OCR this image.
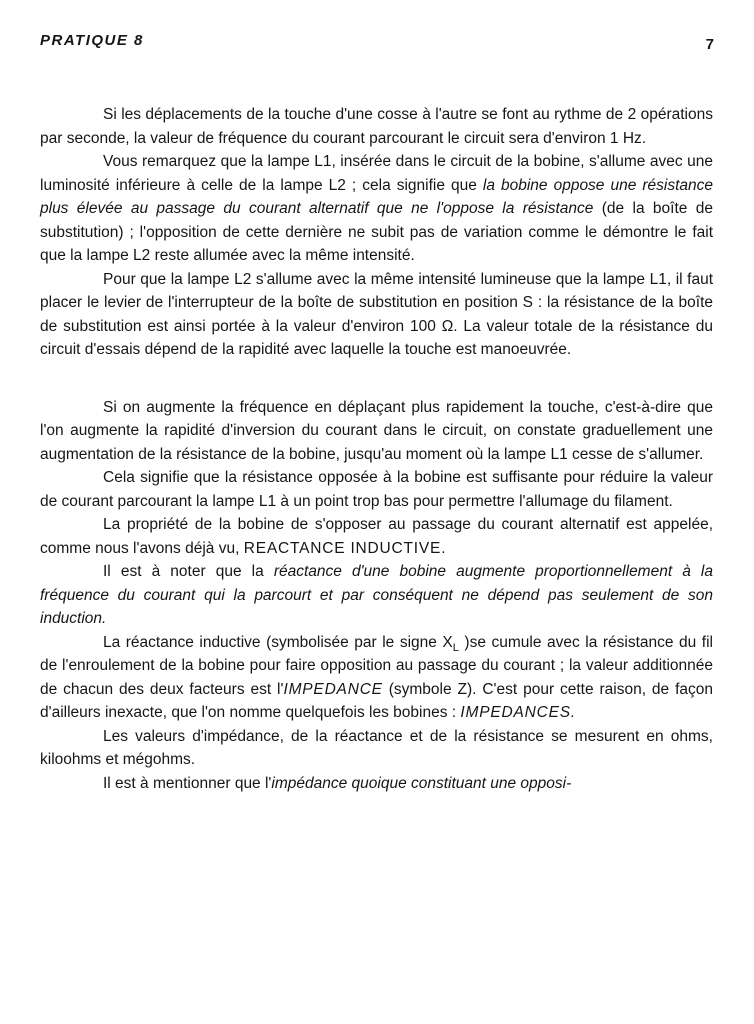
PRATIQUE 8	7

Si les déplacements de la touche d'une cosse à l'autre se font au rythme de 2 opérations par seconde, la valeur de fréquence du courant parcourant le circuit sera d'environ 1 Hz.

Vous remarquez que la lampe L1, insérée dans le circuit de la bobine, s'allume avec une luminosité inférieure à celle de la lampe L2 ; cela signifie que la bobine oppose une résistance plus élevée au passage du courant alternatif que ne l'oppose la résistance (de la boîte de substitution) ; l'opposition de cette dernière ne subit pas de variation comme le démontre le fait que la lampe L2 reste allumée avec la même intensité.

Pour que la lampe L2 s'allume avec la même intensité lumineuse que la lampe L1, il faut placer le levier de l'interrupteur de la boîte de substitution en position S : la résistance de la boîte de substitution est ainsi portée à la valeur d'environ 100 Ω. La valeur totale de la résistance du circuit d'essais dépend de la rapidité avec laquelle la touche est manoeuvrée.

Si on augmente la fréquence en déplaçant plus rapidement la touche, c'est-à-dire que l'on augmente la rapidité d'inversion du courant dans le circuit, on constate graduellement une augmentation de la résistance de la bobine, jusqu'au moment où la lampe L1 cesse de s'allumer.

Cela signifie que la résistance opposée à la bobine est suffisante pour réduire la valeur de courant parcourant la lampe L1 à un point trop bas pour permettre l'allumage du filament.

La propriété de la bobine de s'opposer au passage du courant alternatif est appelée, comme nous l'avons déjà vu, REACTANCE INDUCTIVE.

Il est à noter que la réactance d'une bobine augmente proportionnellement à la fréquence du courant qui la parcourt et par conséquent ne dépend pas seulement de son induction.

La réactance inductive (symbolisée par le signe $X_L$ )se cumule avec la résistance du fil de l'enroulement de la bobine pour faire opposition au passage du courant ; la valeur additionnée de chacun des deux facteurs est l'IMPEDANCE (symbole Z). C'est pour cette raison, de façon d'ailleurs inexacte, que l'on nomme quelquefois les bobines : IMPEDANCES.

Les valeurs d'impédance, de la réactance et de la résistance se mesurent en ohms, kiloohms et mégohms.

Il est à mentionner que l'impédance quoique constituant une opposi-
